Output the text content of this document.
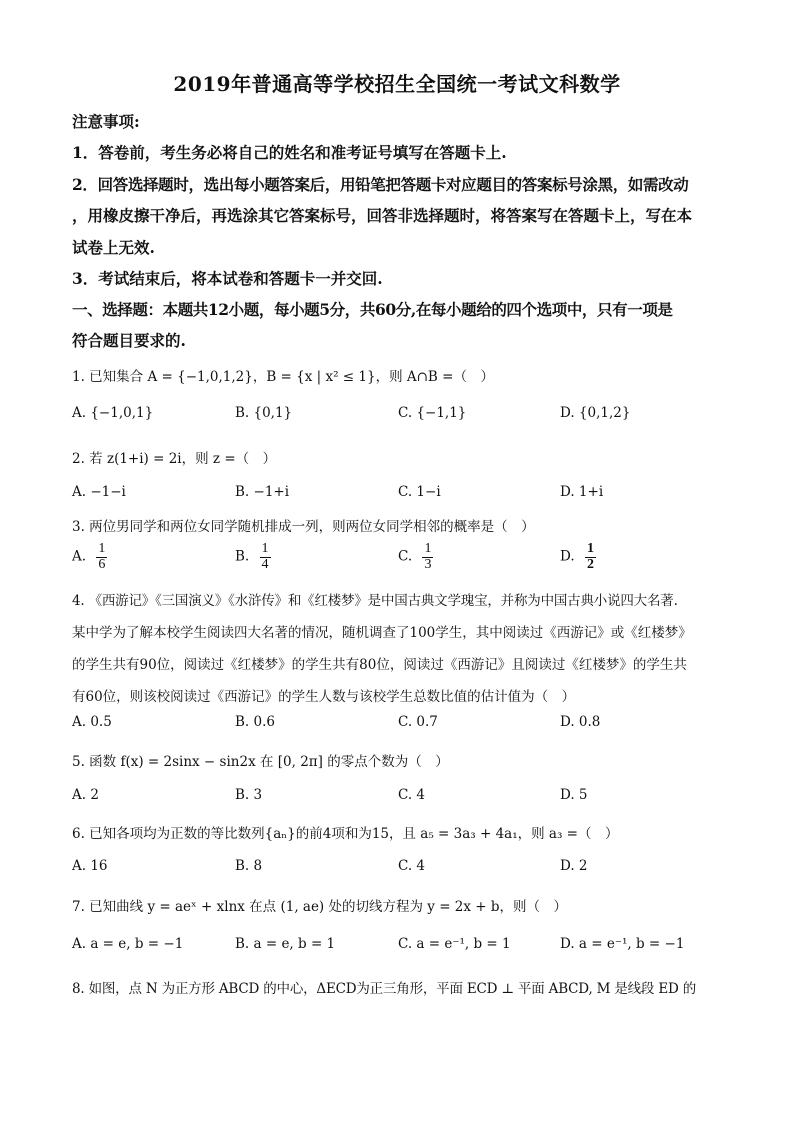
2019年普通高等学校招生全国统一考试文科数学
注意事项:
1．答卷前，考生务必将自己的姓名和准考证号填写在答题卡上.
2．回答选择题时，选出每小题答案后，用铅笔把答题卡对应题目的答案标号涂黑，如需改动
，用橡皮擦干净后，再选涂其它答案标号，回答非选择题时，将答案写在答题卡上，写在本
试卷上无效.
3．考试结束后，将本试卷和答题卡一并交回.
一、选择题：本题共12小题，每小题5分，共60分,在每小题给的四个选项中，只有一项是
符合题目要求的.
1. 已知集合 A = {−1,0,1,2}，B = {x | x² ≤ 1}，则 A∩B =（　）
A. {−1,0,1}	B. {0,1}	C. {−1,1}	D. {0,1,2}
2. 若 z(1+i) = 2i，则 z =（　）
A. −1−i	B. −1+i	C. 1−i	D. 1+i
3. 两位男同学和两位女同学随机排成一列，则两位女同学相邻的概率是（　）
A. $\frac{1}{6}$	B. $\frac{1}{4}$	C. $\frac{1}{3}$	D. $\frac{1}{2}$
4. 《西游记》《三国演义》《水浒传》和《红楼梦》是中国古典文学瑰宝，并称为中国古典小说四大名著.
某中学为了解本校学生阅读四大名著的情况，随机调查了100学生，其中阅读过《西游记》或《红楼梦》
的学生共有90位，阅读过《红楼梦》的学生共有80位，阅读过《西游记》且阅读过《红楼梦》的学生共
有60位，则该校阅读过《西游记》的学生人数与该校学生总数比值的估计值为（　）
A. 0.5	B. 0.6	C. 0.7	D. 0.8
5. 函数 f(x) = 2sinx − sin2x 在 [0, 2π] 的零点个数为（　）
A. 2	B. 3	C. 4	D. 5
6. 已知各项均为正数的等比数列{aₙ}的前4项和为15，且 a₅ = 3a₃ + 4a₁，则 a₃ =（　）
A. 16	B. 8	C. 4	D. 2
7. 已知曲线 y = aeˣ + xlnx 在点 (1, ae) 处的切线方程为 y = 2x + b，则（　）
A. a = e, b = −1	B. a = e, b = 1	C. a = e⁻¹, b = 1	D. a = e⁻¹, b = −1
8. 如图，点 N 为正方形 ABCD 的中心，ΔECD为正三角形，平面 ECD ⊥ 平面 ABCD, M 是线段 ED 的
